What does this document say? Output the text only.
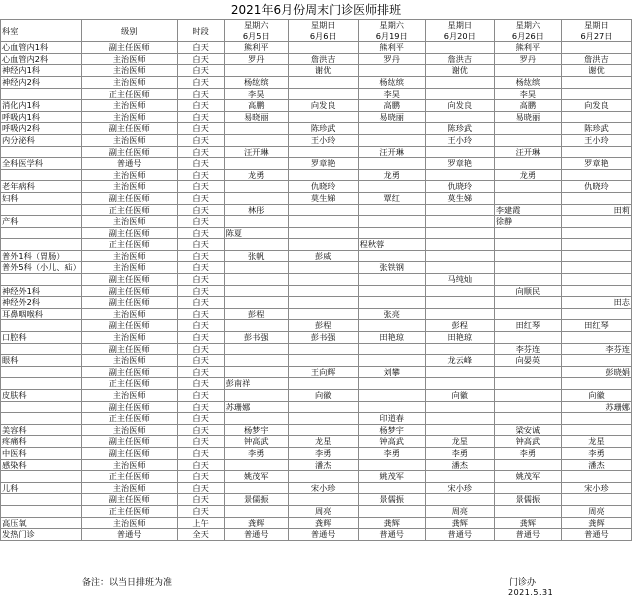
2021年6月份周末门诊医师排班
科室	级别	时段	星期六	星期日	星期六	星期日	星期六	星期日
			6月5日	6月6日	6月19日	6月20日	6月26日	6月27日
心血管内1科	副主任医师	白天	熊利平		熊利平		熊利平	
心血管内2科	主治医师	白天	罗丹	詹洪吉	罗丹	詹洪吉	罗丹	詹洪吉
神经内1科	主治医师	白天		谢优		谢优		谢优
神经内2科	主治医师	白天	杨纮缤		杨纮缤		杨纮缤	
	正主任医师	白天	李昊		李昊		李昊	
消化内1科	主治医师	白天	高鹏	向发良	高鹏	向发良	高鹏	向发良
呼吸内1科	主治医师	白天	易晓丽		易晓丽		易晓丽	
呼吸内2科	副主任医师	白天		陈珍武		陈珍武		陈珍武
内分泌科	主治医师	白天		王小玲		王小玲		王小玲
	副主任医师	白天	汪开琳		汪开琳		汪开琳	
全科医学科	普通号	白天		罗章艳		罗章艳		罗章艳
	主治医师	白天	龙勇		龙勇		龙勇	
老年病科	主治医师	白天		仇晓玲		仇晓玲		仇晓玲
妇科	副主任医师	白天		莫生娣	覃红	莫生娣		
	正主任医师	白天	林彤				李建霞	田莉
产科	主治医师	白天					徐静	
	副主任医师	白天	陈夏					
	正主任医师	白天			程秋蓉			
普外1科（胃肠）	主治医师	白天	张帆	彭威				
普外5科（小儿、疝）	主治医师	白天			张铁钢			
	副主任医师	白天				马纯灿		
神经外1科	副主任医师	白天					向顺民	
神经外2科	副主任医师	白天						田志
耳鼻咽喉科	主治医师	白天	彭程		张亮			
	副主任医师	白天		彭程		彭程	田红琴	田红琴
口腔科	主治医师	白天	彭书强	彭书强	田艳琼	田艳琼		
	副主任医师	白天					李芬连	李芬连
眼科	主治医师	白天				龙云峰	向晏英	
	副主任医师	白天		王向辉	刘攀			彭晓娟
	正主任医师	白天	彭南祥					
皮肤科	主治医师	白天		向徽		向徽		向徽
	副主任医师	白天	苏珊娜					苏珊娜
	正主任医师	白天			印道春			
美容科	主治医师	白天	杨梦宇		杨梦宇		梁安诚	
疼痛科	副主任医师	白天	钟高武	龙星	钟高武	龙星	钟高武	龙星
中医科	副主任医师	白天	李勇	李勇	李勇	李勇	李勇	李勇
感染科	主治医师	白天		潘杰		潘杰		潘杰
	正主任医师	白天	姚茂军		姚茂军		姚茂军	
儿科	主治医师	白天		宋小珍		宋小珍		宋小珍
	副主任医师	白天	景儒振		景儒振		景儒振	
	正主任医师	白天		周亮		周亮		周亮
高压氧	主治医师	上午	龚辉	龚辉	龚辉	龚辉	龚辉	龚辉
发热门诊	普通号	全天	普通号	普通号	普通号	普通号	普通号	普通号
备注：以当日排班为准	门诊办
2021.5.31
